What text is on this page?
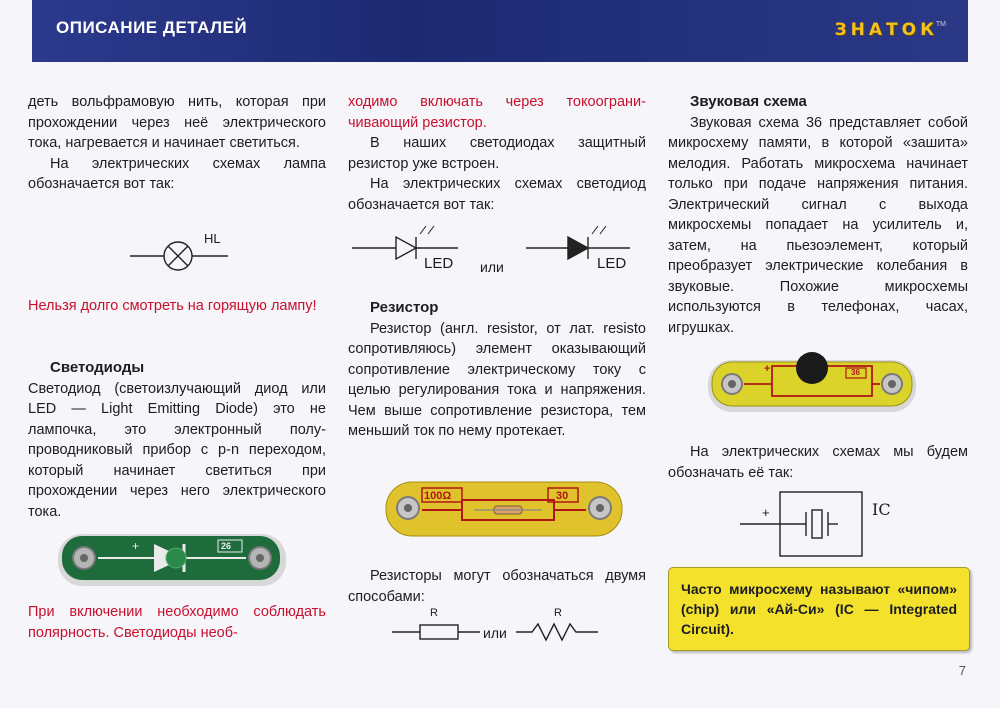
ОПИСАНИЕ ДЕТАЛЕЙ	ЗНАТОК
TM

деть вольфрамовую нить, которая при прохождении через неё электрического тока, нагревается и начинает светиться.

На электрических схемах лампа обозначается вот так:

HL

Нельзя долго смотреть на горящую лампу!

Светодиоды

Светодиод (светоизлучающий диод или LED — Light Emitting Diode) это не лампочка, это электронный полупроводниковый прибор с p-n переходом, который начинает светиться при прохождении через него электрического тока.

+	26

При включении необходимо соблюдать полярность. Светодиоды необ-

ходимо включать через токоограничивающий резистор.

В наших светодиодах защитный резистор уже встроен.

На электрических схемах светодиод обозначается вот так:

LED или	LED

Резистор

Резистор (англ. resistor, от лат. resisto сопротивляюсь) элемент оказывающий сопротивление электрическому току с целью регулирования тока и напряжения. Чем выше сопротивление резистора, тем меньший ток по нему протекает.

100Ω	30

Резисторы могут обозначаться двумя способами:

R	R
или

Звуковая схема

Звуковая схема 36 представляет собой микросхему памяти, в которой «зашита» мелодия. Работать микросхема начинает только при подаче напряжения питания. Электрический сигнал с выхода микросхемы попадает на усилитель и, затем, на пьезоэлемент, который преобразует электрические колебания в звуковые. Похожие микросхемы используются в телефонах, часах, игрушках.

+	36

На электрических схемах мы будем обозначать её так:

+	IC
Часто микросхему называют «чипом» (chip) или «Ай-Си» (IC — Integrated Circuit).
7
